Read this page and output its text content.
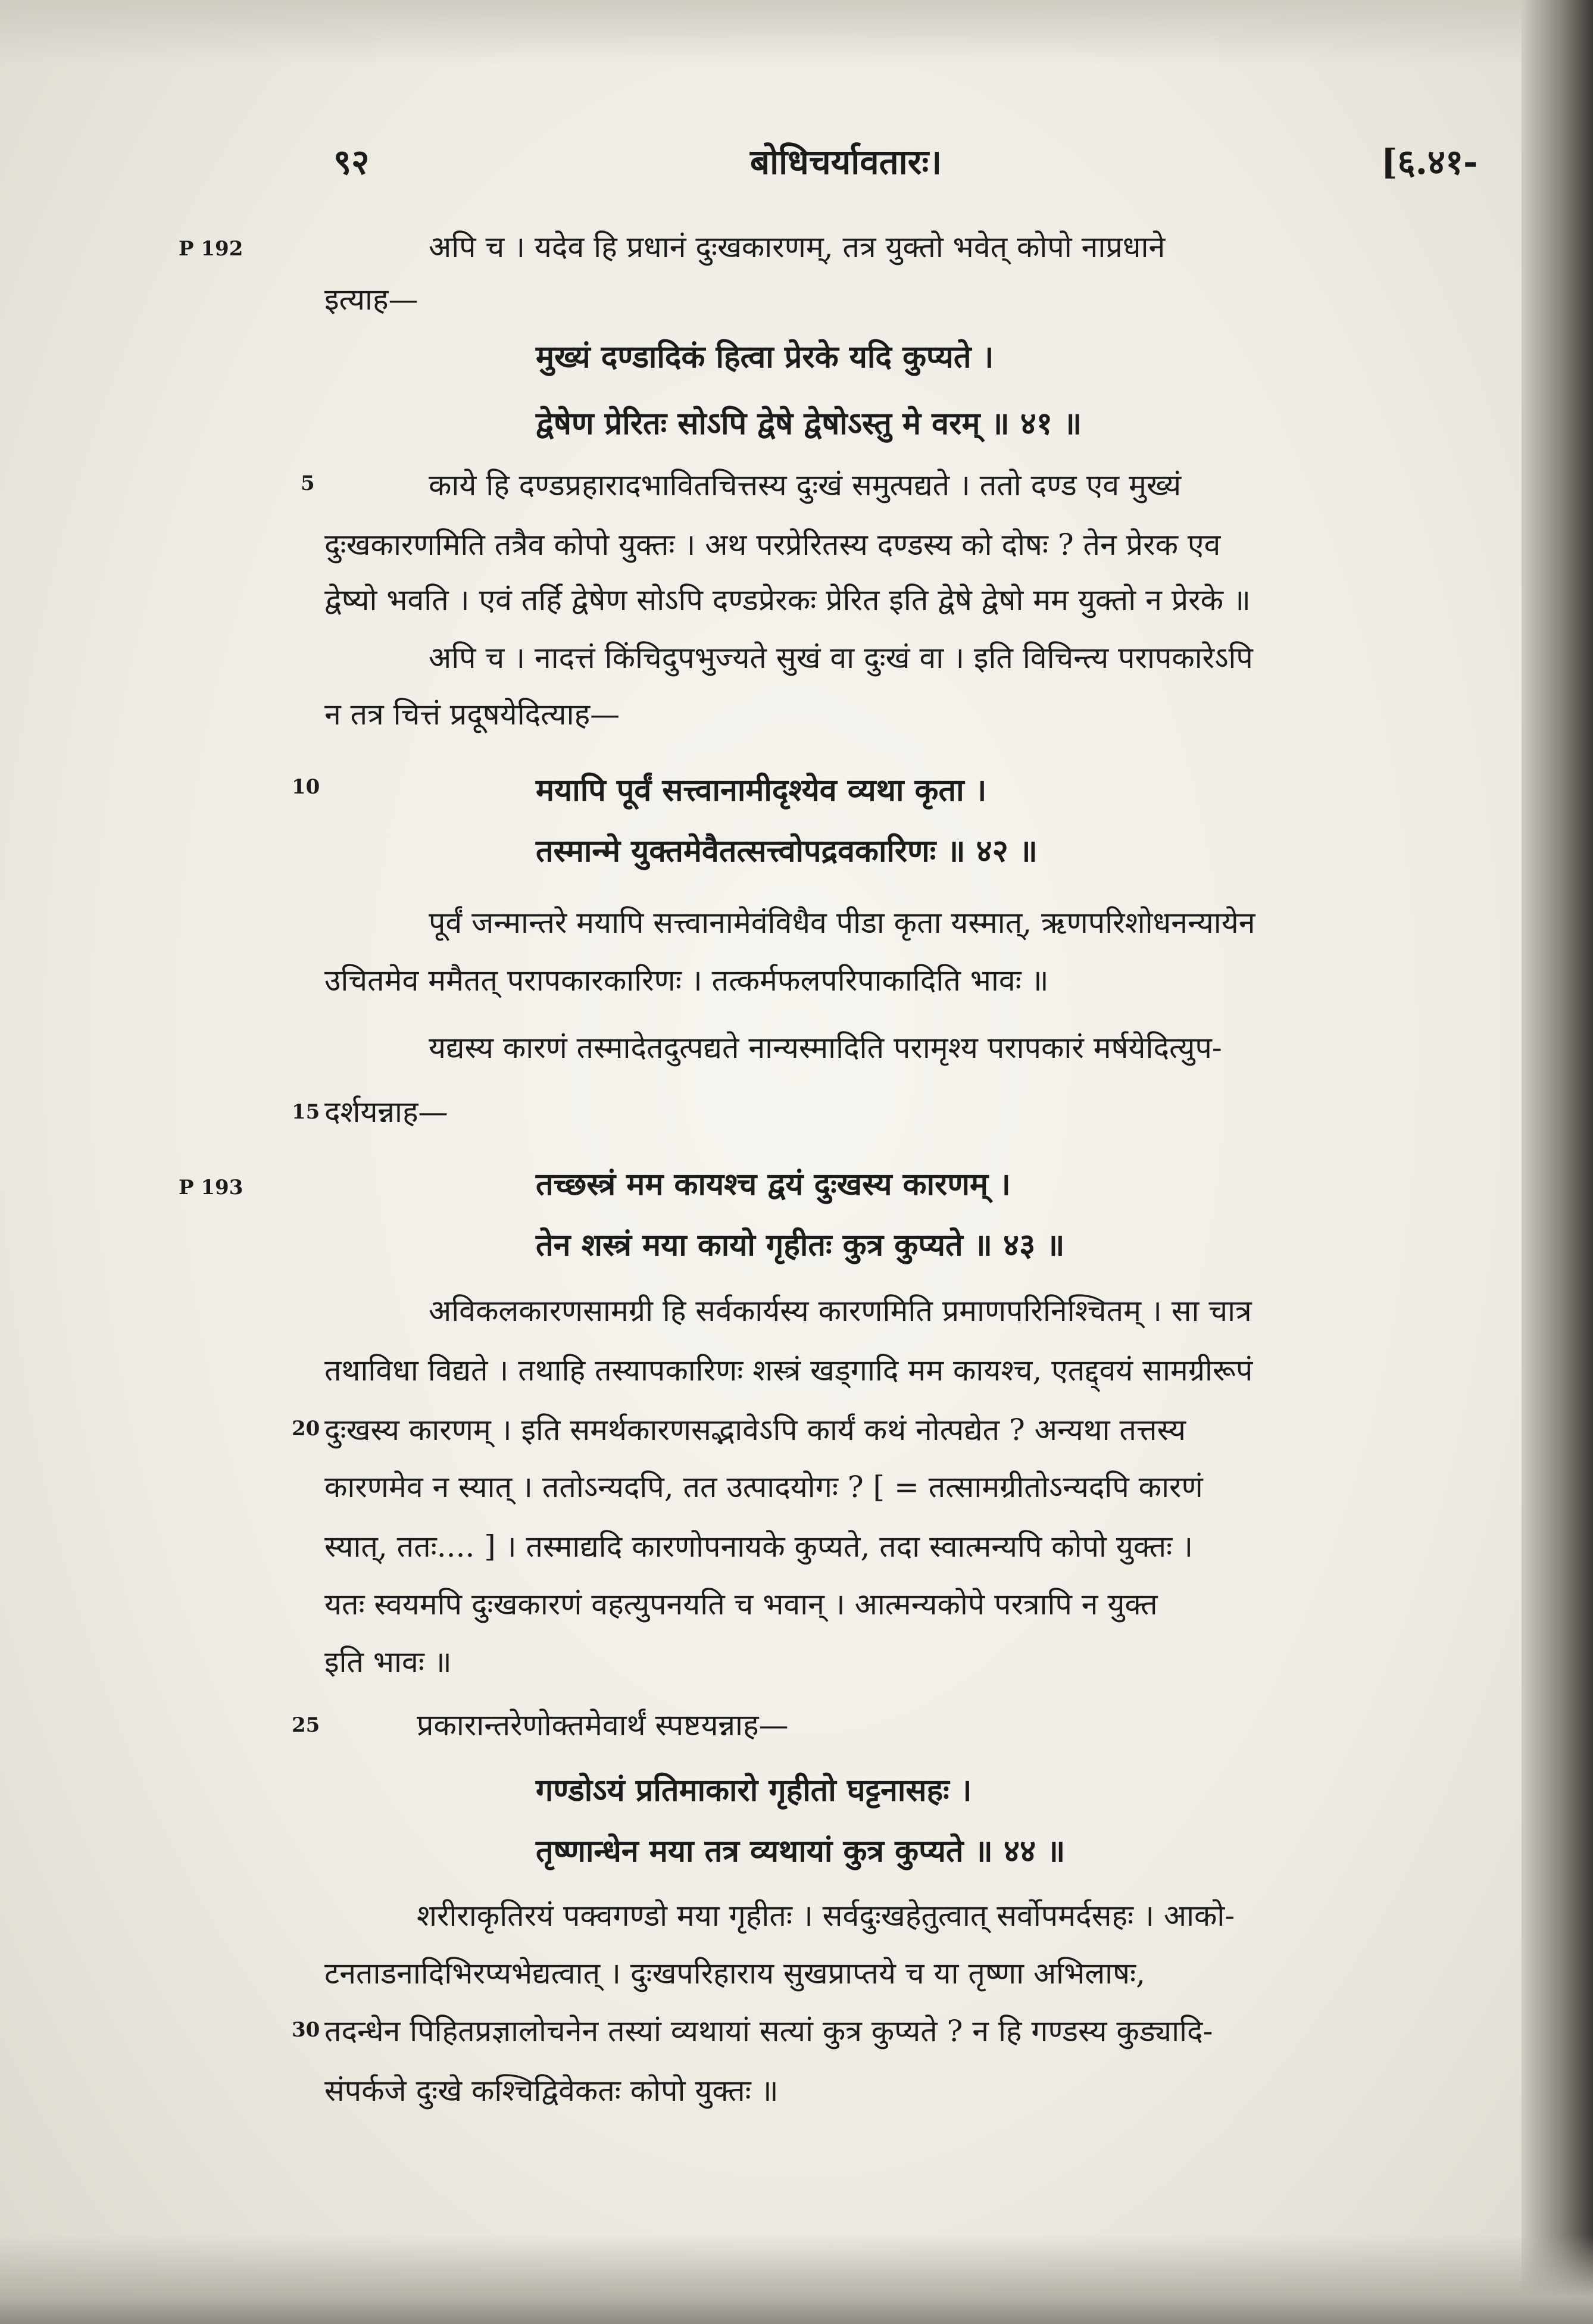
९२	बोधिचर्यावतारः।	[६.४१-
P 192
P 193
5
10
15
20
25
30
अपि च । यदेव हि प्रधानं दुःखकारणम्, तत्र युक्तो भवेत् कोपो नाप्रधाने
इत्याह—
मुख्यं दण्डादिकं हित्वा प्रेरके यदि कुप्यते ।
द्वेषेण प्रेरितः सोऽपि द्वेषे द्वेषोऽस्तु मे वरम् ॥ ४१ ॥
काये हि दण्डप्रहारादभावितचित्तस्य दुःखं समुत्पद्यते । ततो दण्ड एव मुख्यं
दुःखकारणमिति तत्रैव कोपो युक्तः । अथ परप्रेरितस्य दण्डस्य को दोषः ? तेन प्रेरक एव
द्वेष्यो भवति । एवं तर्हि द्वेषेण सोऽपि दण्डप्रेरकः प्रेरित इति द्वेषे द्वेषो मम युक्तो न प्रेरके ॥
अपि च । नादत्तं किंचिदुपभुज्यते सुखं वा दुःखं वा । इति विचिन्त्य परापकारेऽपि
न तत्र चित्तं प्रदूषयेदित्याह—
मयापि पूर्वं सत्त्वानामीदृश्येव व्यथा कृता ।
तस्मान्मे युक्तमेवैतत्सत्त्वोपद्रवकारिणः ॥ ४२ ॥
पूर्वं जन्मान्तरे मयापि सत्त्वानामेवंविधैव पीडा कृता यस्मात्, ऋणपरिशोधनन्यायेन
उचितमेव ममैतत् परापकारकारिणः । तत्कर्मफलपरिपाकादिति भावः ॥
यद्यस्य कारणं तस्मादेतदुत्पद्यते नान्यस्मादिति परामृश्य परापकारं मर्षयेदित्युप-
दर्शयन्नाह—
तच्छस्त्रं मम कायश्च द्वयं दुःखस्य कारणम् ।
तेन शस्त्रं मया कायो गृहीतः कुत्र कुप्यते ॥ ४३ ॥
अविकलकारणसामग्री हि सर्वकार्यस्य कारणमिति प्रमाणपरिनिश्चितम् । सा चात्र
तथाविधा विद्यते । तथाहि तस्यापकारिणः शस्त्रं खड्गादि मम कायश्च, एतद्द्वयं सामग्रीरूपं
दुःखस्य कारणम् । इति समर्थकारणसद्भावेऽपि कार्यं कथं नोत्पद्येत ? अन्यथा तत्तस्य
कारणमेव न स्यात् । ततोऽन्यदपि, तत उत्पादयोगः ? [ = तत्सामग्रीतोऽन्यदपि कारणं
स्यात्, ततः.... ] । तस्माद्यदि कारणोपनायके कुप्यते, तदा स्वात्मन्यपि कोपो युक्तः ।
यतः स्वयमपि दुःखकारणं वहत्युपनयति च भवान् । आत्मन्यकोपे परत्रापि न युक्त
इति भावः ॥
प्रकारान्तरेणोक्तमेवार्थं स्पष्टयन्नाह—
गण्डोऽयं प्रतिमाकारो गृहीतो घट्टनासहः ।
तृष्णान्धेन मया तत्र व्यथायां कुत्र कुप्यते ॥ ४४ ॥
शरीराकृतिरयं पक्वगण्डो मया गृहीतः । सर्वदुःखहेतुत्वात् सर्वोपमर्दसहः । आको-
टनताडनादिभिरप्यभेद्यत्वात् । दुःखपरिहाराय सुखप्राप्तये च या तृष्णा अभिलाषः,
तदन्धेन पिहितप्रज्ञालोचनेन तस्यां व्यथायां सत्यां कुत्र कुप्यते ? न हि गण्डस्य कुड्यादि-
संपर्कजे दुःखे कश्चिद्विवेकतः कोपो युक्तः ॥
